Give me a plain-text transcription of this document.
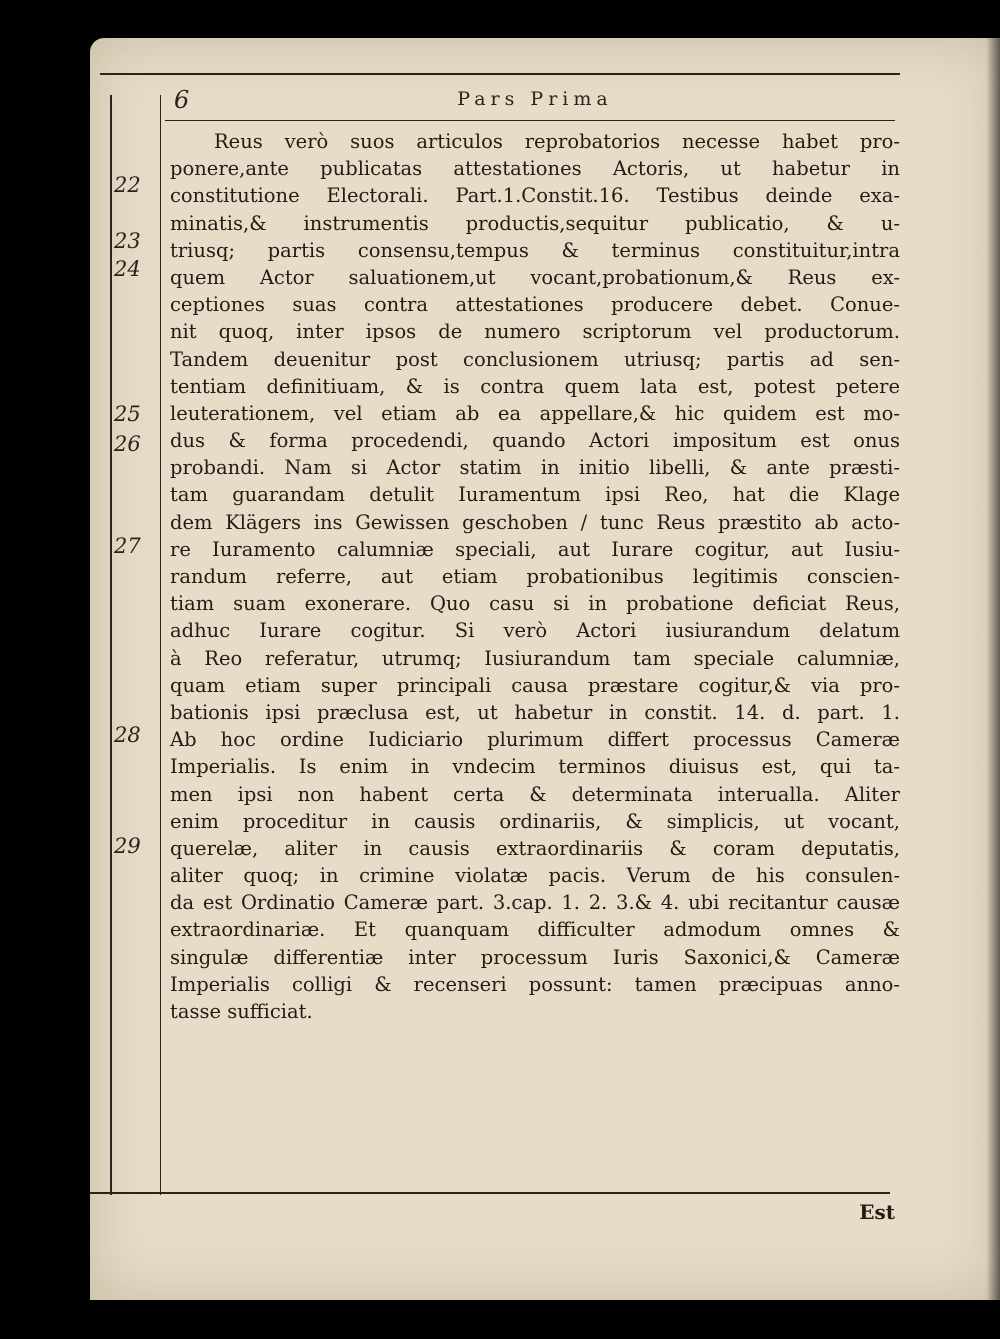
6	Pars Prima
22
23
24
25
26
27
28
29
Reus verò suos articulos reprobatorios necesse habet pro-
ponere,ante publicatas attestationes Actoris, ut habetur in
constitutione Electorali. Part.1.Constit.16. Testibus deinde exa-
minatis,& instrumentis productis,sequitur publicatio, & u-
triusq; partis consensu,tempus & terminus constituitur,intra
quem Actor saluationem,ut vocant,probationum,& Reus ex-
ceptiones suas contra attestationes producere debet. Conue-
nit quoq, inter ipsos de numero scriptorum vel productorum.
Tandem deuenitur post conclusionem utriusq; partis ad sen-
tentiam definitiuam, & is contra quem lata est, potest petere
leuterationem, vel etiam ab ea appellare,& hic quidem est mo-
dus & forma procedendi, quando Actori impositum est onus
probandi. Nam si Actor statim in initio libelli, & ante præsti-
tam guarandam detulit Iuramentum ipsi Reo, hat die Klage
dem Klägers ins Gewissen geschoben / tunc Reus præstito ab acto-
re Iuramento calumniæ speciali, aut Iurare cogitur, aut Iusiu-
randum referre, aut etiam probationibus legitimis conscien-
tiam suam exonerare. Quo casu si in probatione deficiat Reus,
adhuc Iurare cogitur. Si verò Actori iusiurandum delatum
à Reo referatur, utrumq; Iusiurandum tam speciale calumniæ,
quam etiam super principali causa præstare cogitur,& via pro-
bationis ipsi præclusa est, ut habetur in constit. 14. d. part. 1.
Ab hoc ordine Iudiciario plurimum differt processus Cameræ
Imperialis. Is enim in vndecim terminos diuisus est, qui ta-
men ipsi non habent certa & determinata interualla. Aliter
enim proceditur in causis ordinariis, & simplicis, ut vocant,
querelæ, aliter in causis extraordinariis & coram deputatis,
aliter quoq; in crimine violatæ pacis. Verum de his consulen-
da est Ordinatio Cameræ part. 3.cap. 1. 2. 3.& 4. ubi recitantur causæ
extraordinariæ. Et quanquam difficulter admodum omnes &
singulæ differentiæ inter processum Iuris Saxonici,& Cameræ
Imperialis colligi & recenseri possunt: tamen præcipuas anno-
tasse sufficiat.
Est
